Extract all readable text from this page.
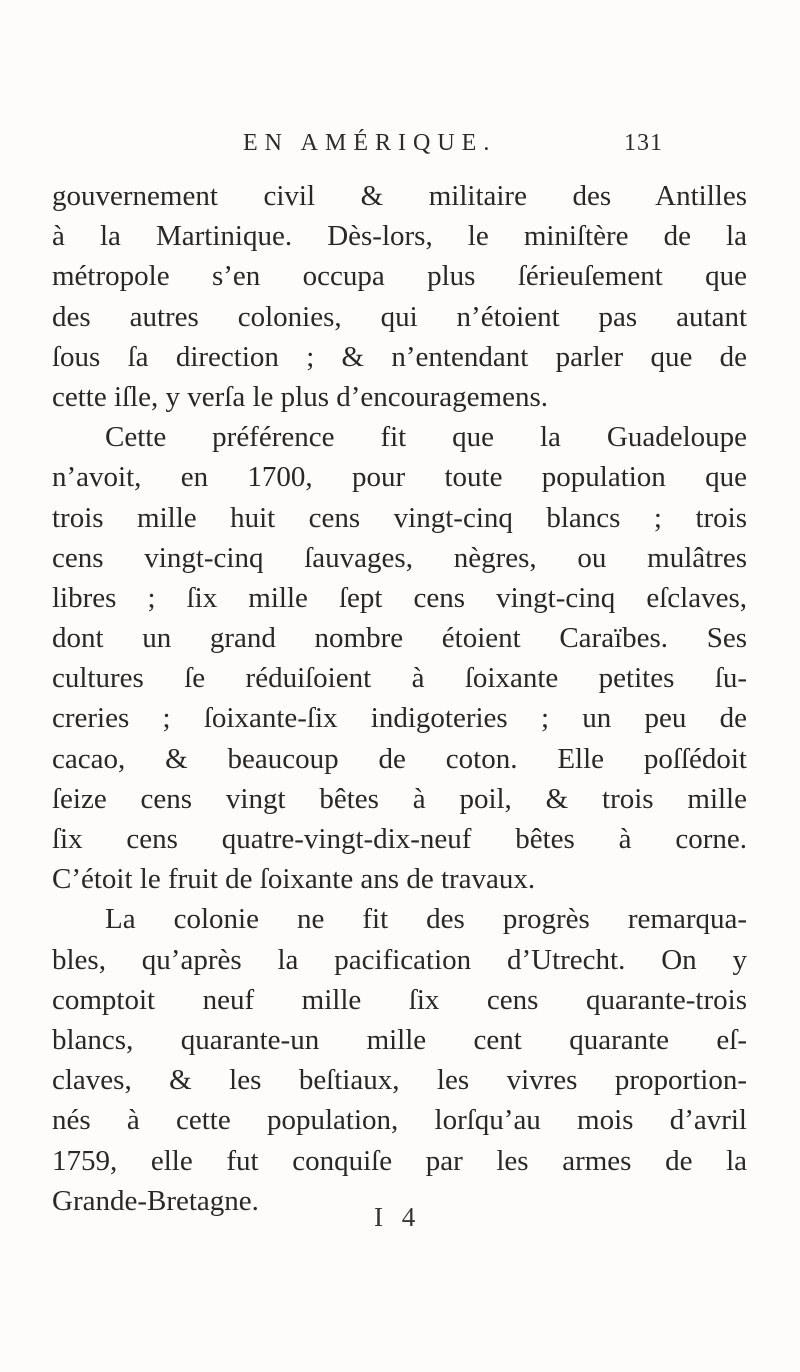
EN AMÉRIQUE.	131
gouvernement civil & militaire des Antilles
à la Martinique. Dès-lors, le miniſtère de la
métropole s’en occupa plus ſérieuſement que
des autres colonies, qui n’étoient pas autant
ſous ſa direction ; & n’entendant parler que de
cette iſle, y verſa le plus d’encouragemens.
Cette préférence fit que la Guadeloupe
n’avoit, en 1700, pour toute population que
trois mille huit cens vingt-cinq blancs ; trois
cens vingt-cinq ſauvages, nègres, ou mulâtres
libres ; ſix mille ſept cens vingt-cinq eſclaves,
dont un grand nombre étoient Caraïbes. Ses
cultures ſe réduiſoient à ſoixante petites ſu-
creries ; ſoixante-ſix indigoteries ; un peu de
cacao, & beaucoup de coton. Elle poſſédoit
ſeize cens vingt bêtes à poil, & trois mille
ſix cens quatre-vingt-dix-neuf bêtes à corne.
C’étoit le fruit de ſoixante ans de travaux.
La colonie ne fit des progrès remarqua-
bles, qu’après la pacification d’Utrecht. On y
comptoit neuf mille ſix cens quarante-trois
blancs, quarante-un mille cent quarante eſ-
claves, & les beſtiaux, les vivres proportion-
nés à cette population, lorſqu’au mois d’avril
1759, elle fut conquiſe par les armes de la
Grande-Bretagne.
I 4
